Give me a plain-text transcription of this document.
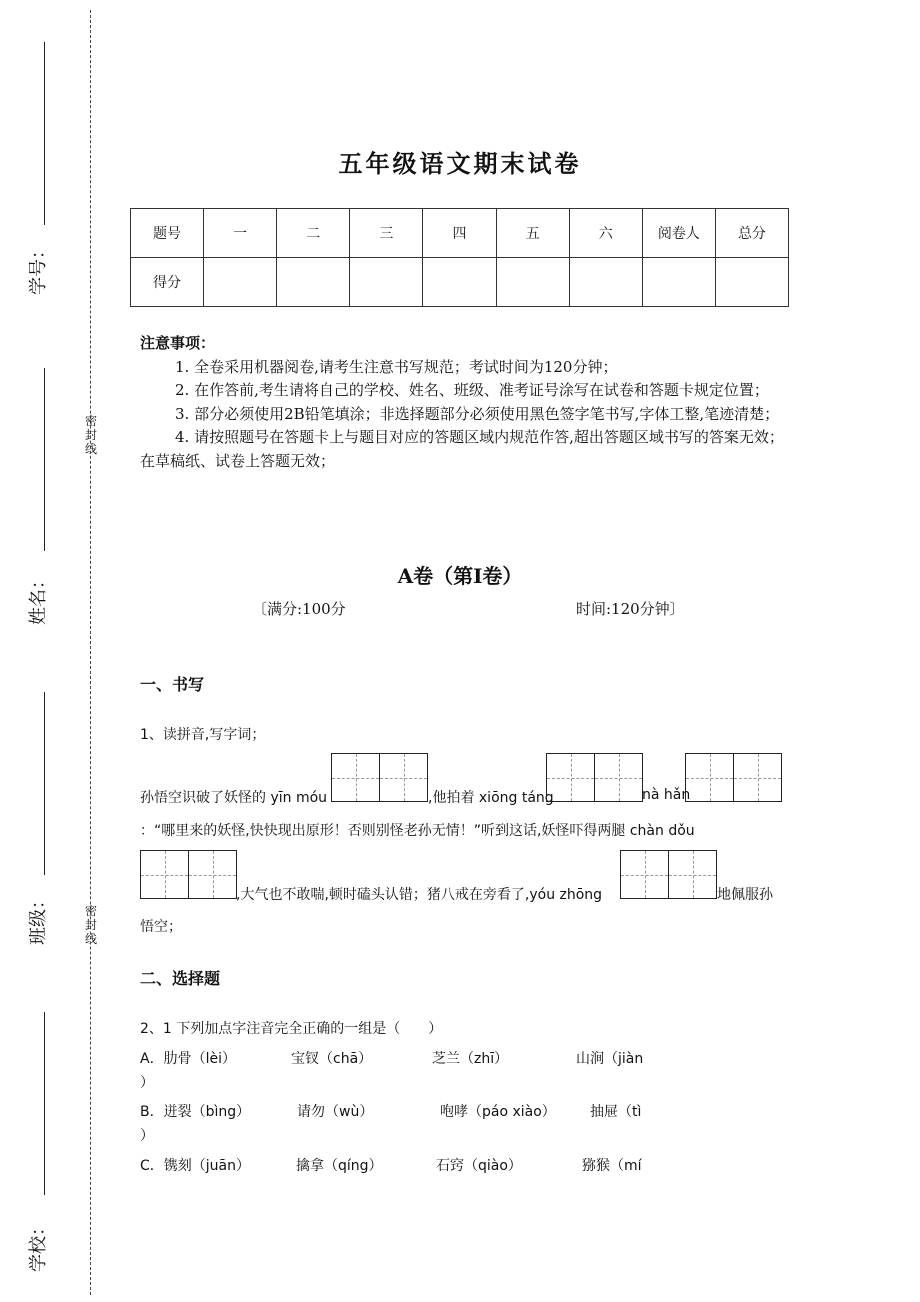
学号：
姓名：
班级：
学校：
密封线
密封线
五年级语文期末试卷
题号	一	二	三	四	五	六	阅卷人	总分
得分								
注意事项：
1. 全卷采用机器阅卷,请考生注意书写规范；考试时间为120分钟；
2. 在作答前,考生请将自己的学校、姓名、班级、准考证号涂写在试卷和答题卡规定位置；
3. 部分必须使用2B铅笔填涂；非选择题部分必须使用黑色签字笔书写,字体工整,笔迹清楚；
4. 请按照题号在答题卡上与题目对应的答题区域内规范作答,超出答题区域书写的答案无效；在草稿纸、试卷上答题无效；
A卷（第I卷）
〔满分:100分	时间:120分钟〕
一、书写
1、读拼音,写字词；
孙悟空识破了妖怪的 yīn móu	,他拍着 xiōng táng	nà hǎn
：“哪里来的妖怪,快快现出原形！否则别怪老孙无情！”听到这话,妖怪吓得两腿 chàn dǒu
,大气也不敢喘,顿时磕头认错；猪八戒在旁看了,yóu zhōng	地佩服孙
悟空；
二、选择题
2、1 下列加点字注音完全正确的一组是（　　）
A．肋骨（lèi）	宝钗（chā）	芝兰（zhī）	山涧（jiàn
）
B．迸裂（bìng）	请勿（wù）	咆哮（páo xiào） 抽屉（tì
）
C．镌刻（juān）	擒拿（qíng）	石窍（qiào）	猕猴（mí
